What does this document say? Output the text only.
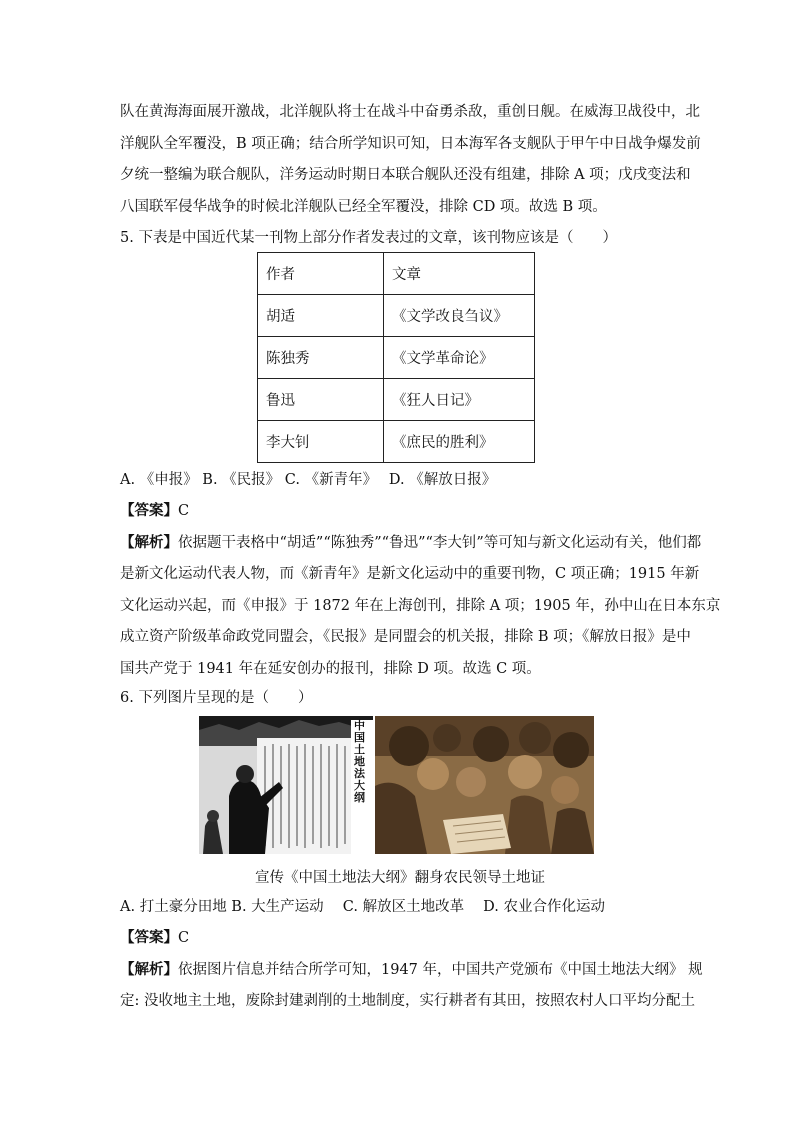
队在黄海海面展开激战，北洋舰队将士在战斗中奋勇杀敌，重创日舰。在威海卫战役中，北
洋舰队全军覆没，B 项正确；结合所学知识可知，日本海军各支舰队于甲午中日战争爆发前
夕统一整编为联合舰队，洋务运动时期日本联合舰队还没有组建，排除 A 项；戊戌变法和
八国联军侵华战争的时候北洋舰队已经全军覆没，排除 CD 项。故选 B 项。
5. 下表是中国近代某一刊物上部分作者发表过的文章，该刊物应该是（　　）
作者	文章
胡适	《文学改良刍议》
陈独秀	《文学革命论》
鲁迅	《狂人日记》
李大钊	《庶民的胜利》
A. 《申报》 B. 《民报》 C. 《新青年》　 D. 《解放日报》
【答案】C
【解析】依据题干表格中“胡适”“陈独秀”“鲁迅”“李大钊”等可知与新文化运动有关，他们都
是新文化运动代表人物，而《新青年》是新文化运动中的重要刊物，C 项正确；1915 年新
文化运动兴起，而《申报》于 1872 年在上海创刊，排除 A 项；1905 年，孙中山在日本东京
成立资产阶级革命政党同盟会，《民报》是同盟会的机关报，排除 B 项；《解放日报》是中
国共产党于 1941 年在延安创办的报刊，排除 D 项。故选 C 项。
6. 下列图片呈现的是（　　）
中国土地法大纲
宣传《中国土地法大纲》翻身农民领导土地证
A. 打土豪分田地 B. 大生产运动　 C. 解放区土地改革　 D. 农业合作化运动
【答案】C
【解析】依据图片信息并结合所学可知，1947 年，中国共产党颁布《中国土地法大纲》 规
定: 没收地主土地，废除封建剥削的土地制度，实行耕者有其田，按照农村人口平均分配土
